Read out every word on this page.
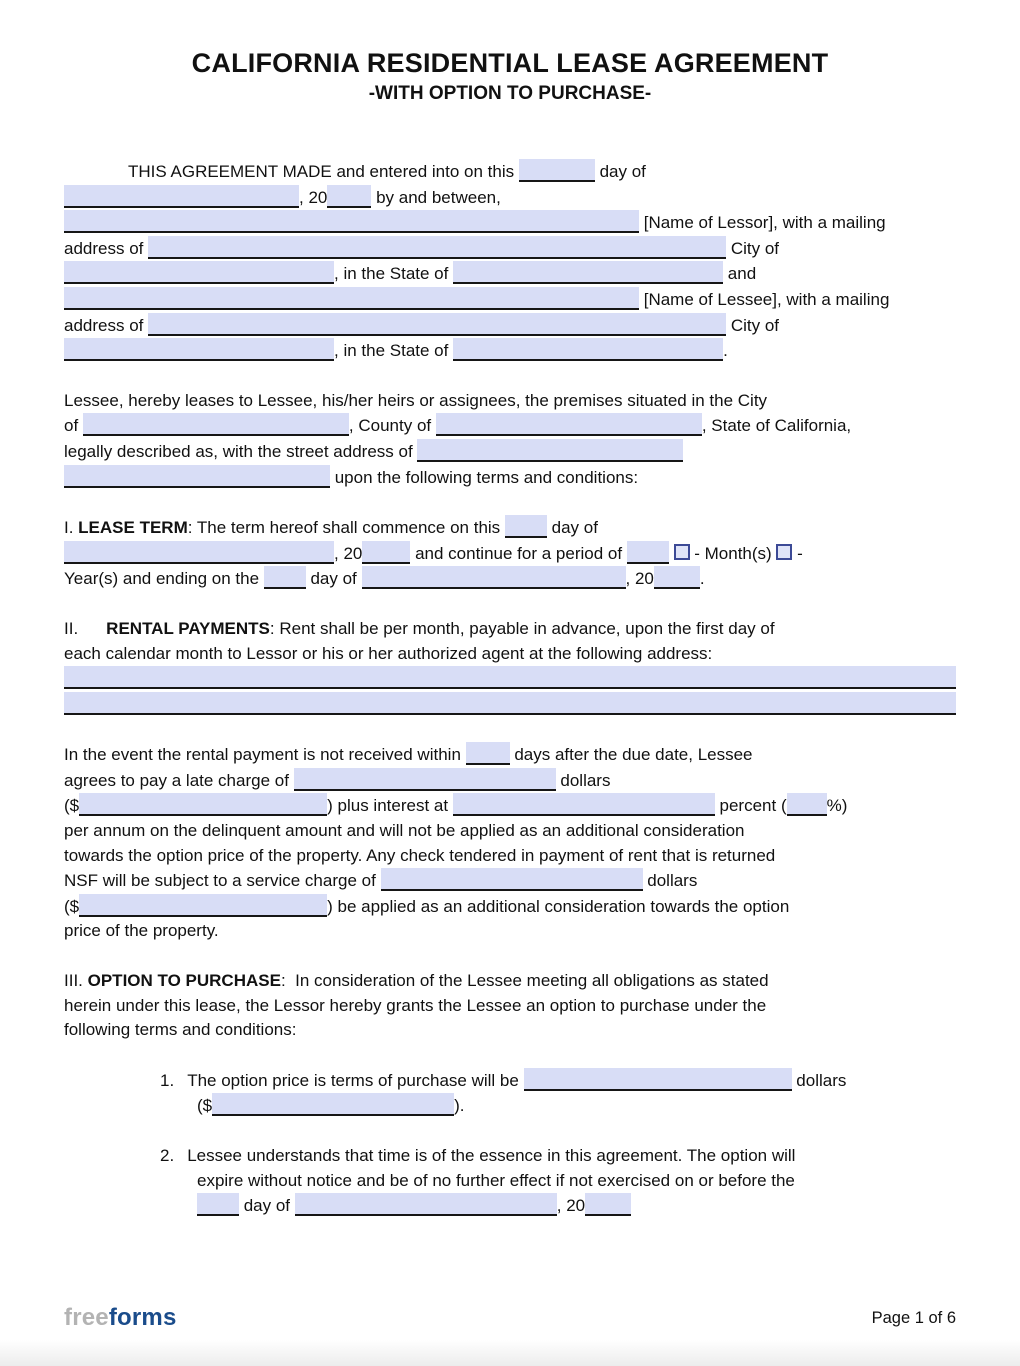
CALIFORNIA RESIDENTIAL LEASE AGREEMENT
-WITH OPTION TO PURCHASE-
THIS AGREEMENT MADE and entered into on this	day of
, 20	by and between,
[Name of Lessor], with a mailing
address of	City of
, in the State of	and
[Name of Lessee], with a mailing
address of	City of
, in the State of	.
Lessee, hereby leases to Lessee, his/her heirs or assignees, the premises situated in the City
of	, County of	, State of California,
legally described as, with the street address of
upon the following terms and conditions:
I. LEASE TERM: The term hereof shall commence on this  day of
, 20	and continue for a period of	- Month(s)  -
Year(s) and ending on the  day of	, 20	.
II. RENTAL PAYMENTS: Rent shall be per month, payable in advance, upon the first day of
each calendar month to Lessor or his or her authorized agent at the following address:
In the event the rental payment is not received within	days after the due date, Lessee
agrees to pay a late charge of	dollars
($	) plus interest at	percent ( %)
per annum on the delinquent amount and will not be applied as an additional consideration
towards the option price of the property. Any check tendered in payment of rent that is returned
NSF will be subject to a service charge of	dollars
($	) be applied as an additional consideration towards the option
price of the property.
III. OPTION TO PURCHASE:  In consideration of the Lessee meeting all obligations as stated
herein under this lease, the Lessor hereby grants the Lessee an option to purchase under the
following terms and conditions:
1. The option price is terms of purchase will be	dollars
($	).
2. Lessee understands that time is of the essence in this agreement. The option will
expire without notice and be of no further effect if not exercised on or before the
day of	, 20
freeforms	Page 1 of 6
